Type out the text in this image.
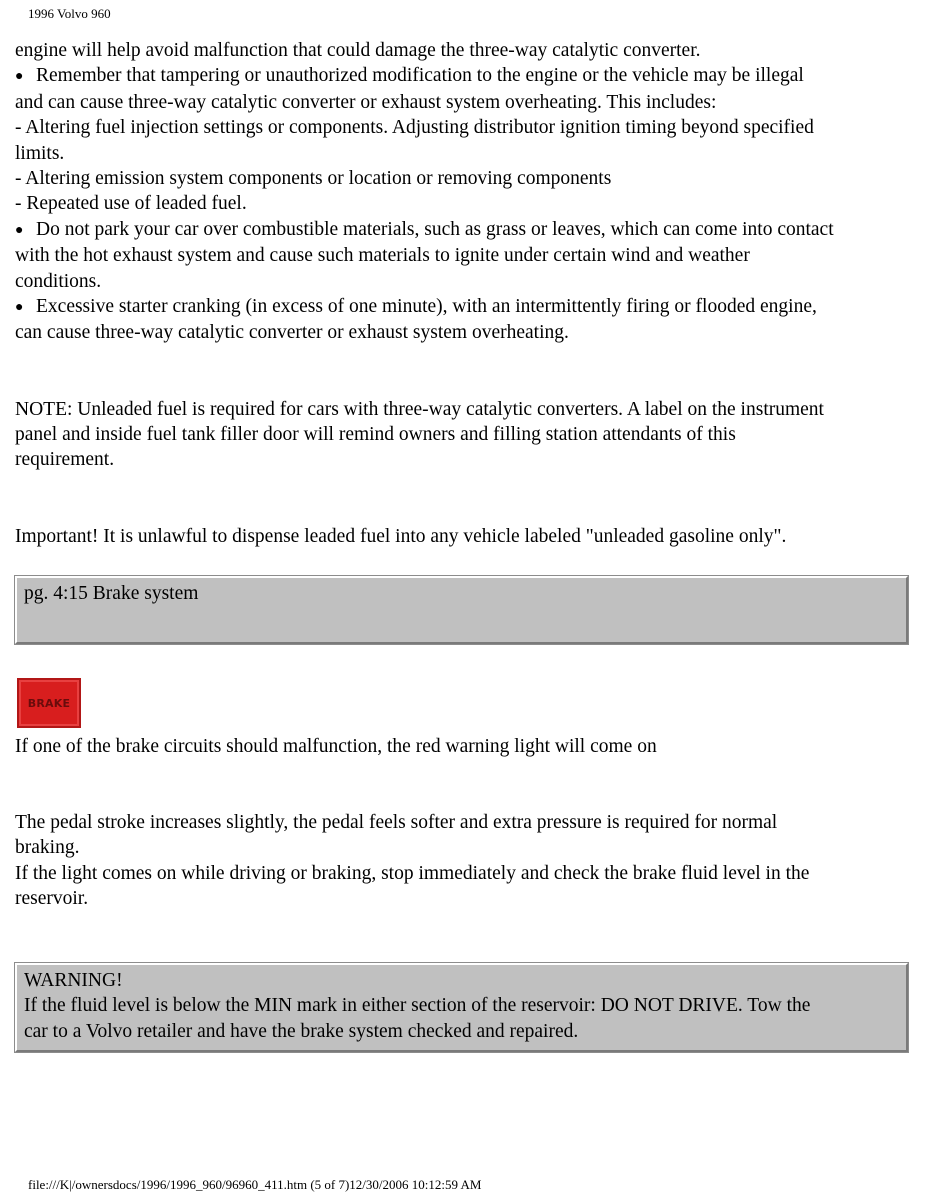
1996 Volvo 960

engine will help avoid malfunction that could damage the three-way catalytic converter.

● Remember that tampering or unauthorized modification to the engine or the vehicle may be illegal

and can cause three-way catalytic converter or exhaust system overheating. This includes:

- Altering fuel injection settings or components. Adjusting distributor ignition timing beyond specified

limits.

- Altering emission system components or location or removing components

- Repeated use of leaded fuel.

● Do not park your car over combustible materials, such as grass or leaves, which can come into contact

with the hot exhaust system and cause such materials to ignite under certain wind and weather

conditions.

● Excessive starter cranking (in excess of one minute), with an intermittently firing or flooded engine,

can cause three-way catalytic converter or exhaust system overheating.

NOTE: Unleaded fuel is required for cars with three-way catalytic converters. A label on the instrument

panel and inside fuel tank filler door will remind owners and filling station attendants of this

requirement.

Important! It is unlawful to dispense leaded fuel into any vehicle labeled "unleaded gasoline only".

pg. 4:15 Brake system
BRAKE

If one of the brake circuits should malfunction, the red warning light will come on

The pedal stroke increases slightly, the pedal feels softer and extra pressure is required for normal

braking.

If the light comes on while driving or braking, stop immediately and check the brake fluid level in the

reservoir.

WARNING!
If the fluid level is below the MIN mark in either section of the reservoir: DO NOT DRIVE. Tow the
car to a Volvo retailer and have the brake system checked and repaired.
file:///K|/ownersdocs/1996/1996_960/96960_411.htm (5 of 7)12/30/2006 10:12:59 AM
